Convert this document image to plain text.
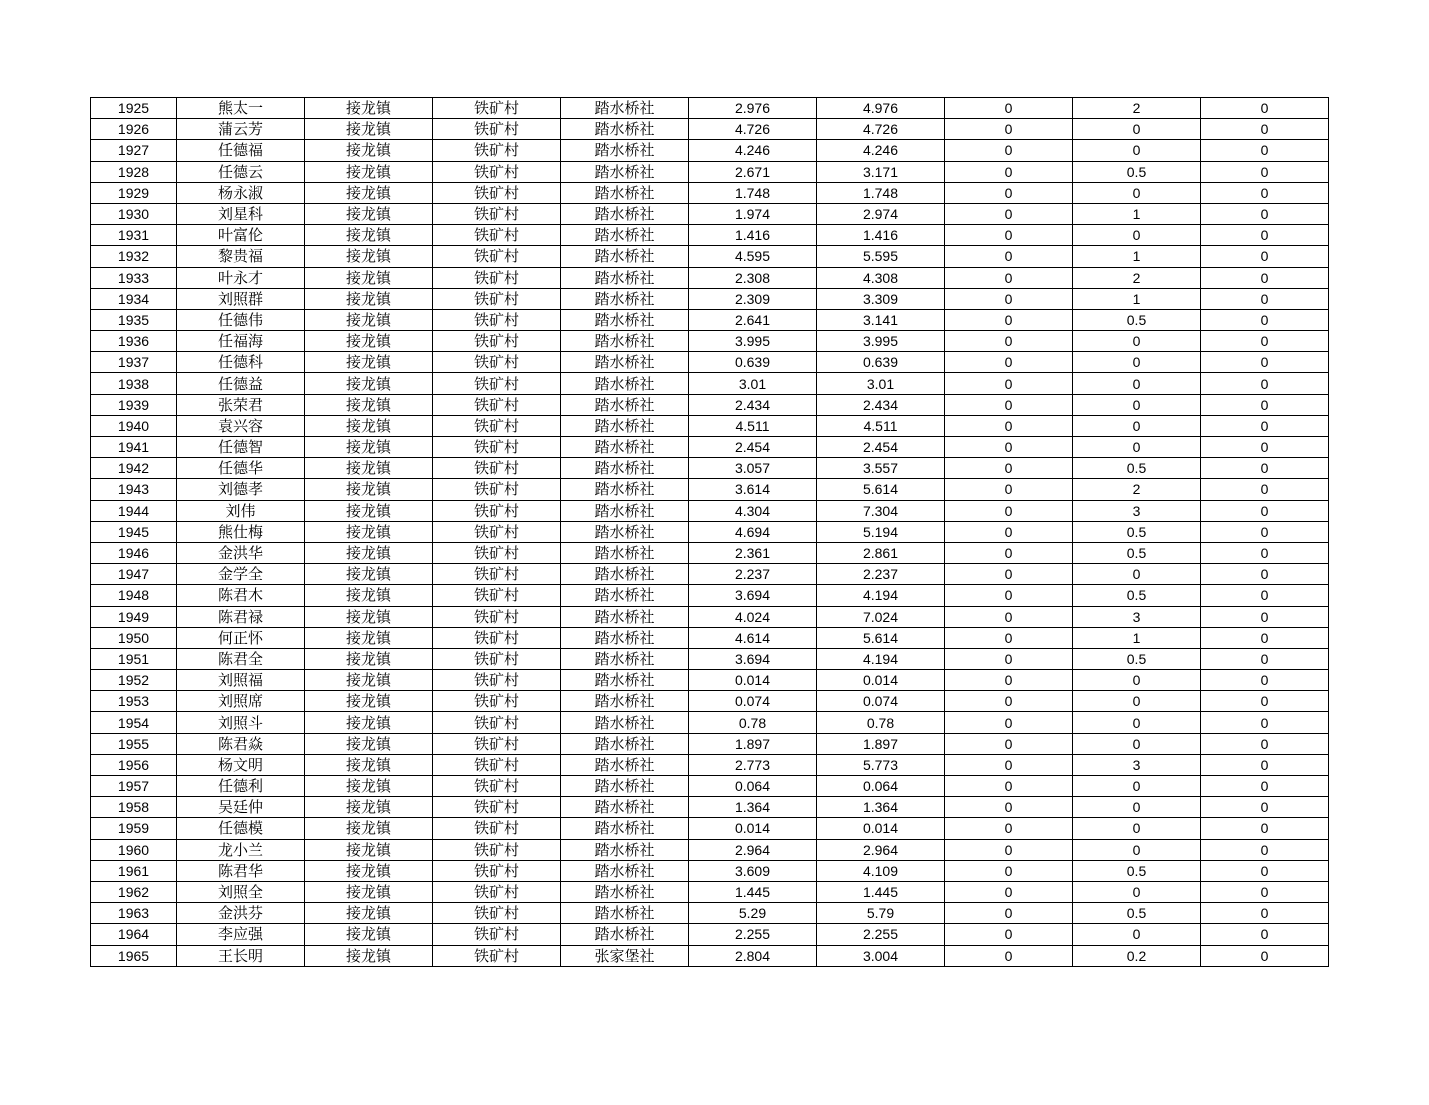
1925	熊太一	接龙镇	铁矿村	踏水桥社	2.976	4.976	0	2	0
1926	蒲云芳	接龙镇	铁矿村	踏水桥社	4.726	4.726	0	0	0
1927	任德福	接龙镇	铁矿村	踏水桥社	4.246	4.246	0	0	0
1928	任德云	接龙镇	铁矿村	踏水桥社	2.671	3.171	0	0.5	0
1929	杨永淑	接龙镇	铁矿村	踏水桥社	1.748	1.748	0	0	0
1930	刘星科	接龙镇	铁矿村	踏水桥社	1.974	2.974	0	1	0
1931	叶富伦	接龙镇	铁矿村	踏水桥社	1.416	1.416	0	0	0
1932	黎贵福	接龙镇	铁矿村	踏水桥社	4.595	5.595	0	1	0
1933	叶永才	接龙镇	铁矿村	踏水桥社	2.308	4.308	0	2	0
1934	刘照群	接龙镇	铁矿村	踏水桥社	2.309	3.309	0	1	0
1935	任德伟	接龙镇	铁矿村	踏水桥社	2.641	3.141	0	0.5	0
1936	任福海	接龙镇	铁矿村	踏水桥社	3.995	3.995	0	0	0
1937	任德科	接龙镇	铁矿村	踏水桥社	0.639	0.639	0	0	0
1938	任德益	接龙镇	铁矿村	踏水桥社	3.01	3.01	0	0	0
1939	张荣君	接龙镇	铁矿村	踏水桥社	2.434	2.434	0	0	0
1940	袁兴容	接龙镇	铁矿村	踏水桥社	4.511	4.511	0	0	0
1941	任德智	接龙镇	铁矿村	踏水桥社	2.454	2.454	0	0	0
1942	任德华	接龙镇	铁矿村	踏水桥社	3.057	3.557	0	0.5	0
1943	刘德孝	接龙镇	铁矿村	踏水桥社	3.614	5.614	0	2	0
1944	刘伟	接龙镇	铁矿村	踏水桥社	4.304	7.304	0	3	0
1945	熊仕梅	接龙镇	铁矿村	踏水桥社	4.694	5.194	0	0.5	0
1946	金洪华	接龙镇	铁矿村	踏水桥社	2.361	2.861	0	0.5	0
1947	金学全	接龙镇	铁矿村	踏水桥社	2.237	2.237	0	0	0
1948	陈君木	接龙镇	铁矿村	踏水桥社	3.694	4.194	0	0.5	0
1949	陈君禄	接龙镇	铁矿村	踏水桥社	4.024	7.024	0	3	0
1950	何正怀	接龙镇	铁矿村	踏水桥社	4.614	5.614	0	1	0
1951	陈君全	接龙镇	铁矿村	踏水桥社	3.694	4.194	0	0.5	0
1952	刘照福	接龙镇	铁矿村	踏水桥社	0.014	0.014	0	0	0
1953	刘照席	接龙镇	铁矿村	踏水桥社	0.074	0.074	0	0	0
1954	刘照斗	接龙镇	铁矿村	踏水桥社	0.78	0.78	0	0	0
1955	陈君焱	接龙镇	铁矿村	踏水桥社	1.897	1.897	0	0	0
1956	杨文明	接龙镇	铁矿村	踏水桥社	2.773	5.773	0	3	0
1957	任德利	接龙镇	铁矿村	踏水桥社	0.064	0.064	0	0	0
1958	吴廷仲	接龙镇	铁矿村	踏水桥社	1.364	1.364	0	0	0
1959	任德模	接龙镇	铁矿村	踏水桥社	0.014	0.014	0	0	0
1960	龙小兰	接龙镇	铁矿村	踏水桥社	2.964	2.964	0	0	0
1961	陈君华	接龙镇	铁矿村	踏水桥社	3.609	4.109	0	0.5	0
1962	刘照全	接龙镇	铁矿村	踏水桥社	1.445	1.445	0	0	0
1963	金洪芬	接龙镇	铁矿村	踏水桥社	5.29	5.79	0	0.5	0
1964	李应强	接龙镇	铁矿村	踏水桥社	2.255	2.255	0	0	0
1965	王长明	接龙镇	铁矿村	张家堡社	2.804	3.004	0	0.2	0
